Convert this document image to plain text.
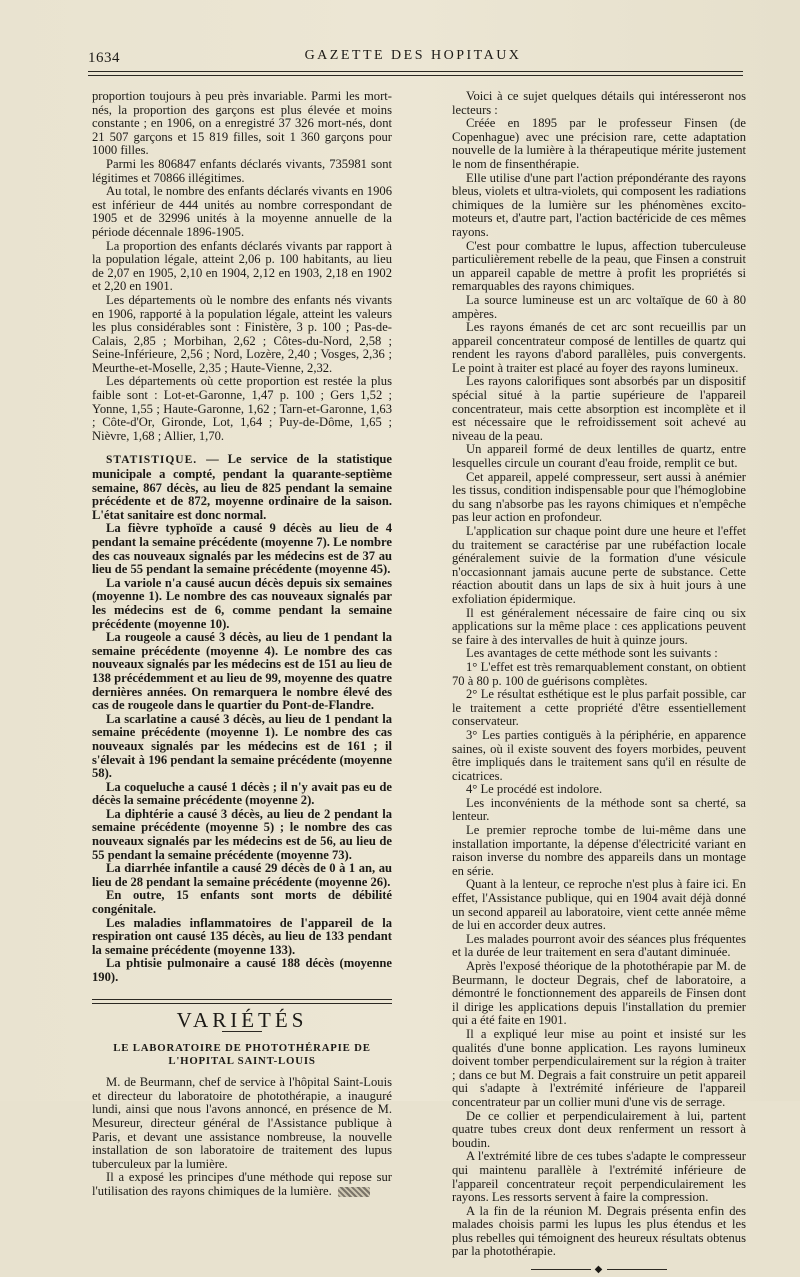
1634	GAZETTE DES HOPITAUX

proportion toujours à peu près invariable. Parmi les mort-nés, la proportion des garçons est plus élevée et moins constante ; en 1906, on a enregistré 37 326 mort-nés, dont 21 507 garçons et 15 819 filles, soit 1 360 garçons pour 1000 filles.

Parmi les 806847 enfants déclarés vivants, 735981 sont légitimes et 70866 illégitimes.

Au total, le nombre des enfants déclarés vivants en 1906 est inférieur de 444 unités au nombre correspondant de 1905 et de 32996 unités à la moyenne annuelle de la période décennale 1896-1905.

La proportion des enfants déclarés vivants par rapport à la population légale, atteint 2,06 p. 100 habitants, au lieu de 2,07 en 1905, 2,10 en 1904, 2,12 en 1903, 2,18 en 1902 et 2,20 en 1901.

Les départements où le nombre des enfants nés vivants en 1906, rapporté à la population légale, atteint les valeurs les plus considérables sont : Finistère, 3 p. 100 ; Pas-de-Calais, 2,85 ; Morbihan, 2,62 ; Côtes-du-Nord, 2,58 ; Seine-Inférieure, 2,56 ; Nord, Lozère, 2,40 ; Vosges, 2,36 ; Meurthe-et-Moselle, 2,35 ; Haute-Vienne, 2,32.

Les départements où cette proportion est restée la plus faible sont : Lot-et-Garonne, 1,47 p. 100 ; Gers 1,52 ; Yonne, 1,55 ; Haute-Garonne, 1,62 ; Tarn-et-Garonne, 1,63 ; Côte-d'Or, Gironde, Lot, 1,64 ; Puy-de-Dôme, 1,65 ; Nièvre, 1,68 ; Allier, 1,70.

STATISTIQUE. — Le service de la statistique municipale a compté, pendant la quarante-septième semaine, 867 décès, au lieu de 825 pendant la semaine précédente et de 872, moyenne ordinaire de la saison. L'état sanitaire est donc normal.

La fièvre typhoïde a causé 9 décès au lieu de 4 pendant la semaine précédente (moyenne 7). Le nombre des cas nouveaux signalés par les médecins est de 37 au lieu de 55 pendant la semaine précédente (moyenne 45).

La variole n'a causé aucun décès depuis six semaines (moyenne 1). Le nombre des cas nouveaux signalés par les médecins est de 6, comme pendant la semaine précédente (moyenne 10).

La rougeole a causé 3 décès, au lieu de 1 pendant la semaine précédente (moyenne 4). Le nombre des cas nouveaux signalés par les médecins est de 151 au lieu de 138 précédemment et au lieu de 99, moyenne des quatre dernières années. On remarquera le nombre élevé des cas de rougeole dans le quartier du Pont-de-Flandre.

La scarlatine a causé 3 décès, au lieu de 1 pendant la semaine précédente (moyenne 1). Le nombre des cas nouveaux signalés par les médecins est de 161 ; il s'élevait à 196 pendant la semaine précédente (moyenne 58).

La coqueluche a causé 1 décès ; il n'y avait pas eu de décès la semaine précédente (moyenne 2).

La diphtérie a causé 3 décès, au lieu de 2 pendant la semaine précédente (moyenne 5) ; le nombre des cas nouveaux signalés par les médecins est de 56, au lieu de 55 pendant la semaine précédente (moyenne 73).

La diarrhée infantile a causé 29 décès de 0 à 1 an, au lieu de 28 pendant la semaine précédente (moyenne 26).

En outre, 15 enfants sont morts de débilité congénitale.

Les maladies inflammatoires de l'appareil de la respiration ont causé 135 décès, au lieu de 133 pendant la semaine précédente (moyenne 133).

La phtisie pulmonaire a causé 188 décès (moyenne 190).

VARIÉTÉS
LE LABORATOIRE DE PHOTOTHÉRAPIE DE L'HOPITAL SAINT-LOUIS

M. de Beurmann, chef de service à l'hôpital Saint-Louis et directeur du laboratoire de photothérapie, a inauguré lundi, ainsi que nous l'avons annoncé, en présence de M. Mesureur, directeur général de l'Assistance publique à Paris, et devant une assistance nombreuse, la nouvelle installation de son laboratoire de traitement des lupus tuberculeux par la lumière.

Il a exposé les principes d'une méthode qui repose sur l'utilisation des rayons chimiques de la lumière.

Voici à ce sujet quelques détails qui intéresseront nos lecteurs :

Créée en 1895 par le professeur Finsen (de Copenhague) avec une précision rare, cette adaptation nouvelle de la lumière à la thérapeutique mérite justement le nom de finsenthérapie.

Elle utilise d'une part l'action prépondérante des rayons bleus, violets et ultra-violets, qui composent les radiations chimiques de la lumière sur les phénomènes excito-moteurs et, d'autre part, l'action bactéricide de ces mêmes rayons.

C'est pour combattre le lupus, affection tuberculeuse particulièrement rebelle de la peau, que Finsen a construit un appareil capable de mettre à profit les propriétés si remarquables des rayons chimiques.

La source lumineuse est un arc voltaïque de 60 à 80 ampères.

Les rayons émanés de cet arc sont recueillis par un appareil concentrateur composé de lentilles de quartz qui rendent les rayons d'abord parallèles, puis convergents. Le point à traiter est placé au foyer des rayons lumineux.

Les rayons calorifiques sont absorbés par un dispositif spécial situé à la partie supérieure de l'appareil concentrateur, mais cette absorption est incomplète et il est nécessaire que le refroidissement soit achevé au niveau de la peau.

Un appareil formé de deux lentilles de quartz, entre lesquelles circule un courant d'eau froide, remplit ce but.

Cet appareil, appelé compresseur, sert aussi à anémier les tissus, condition indispensable pour que l'hémoglobine du sang n'absorbe pas les rayons chimiques et n'empêche pas leur action en profondeur.

L'application sur chaque point dure une heure et l'effet du traitement se caractérise par une rubéfaction locale généralement suivie de la formation d'une vésicule n'occasionnant jamais aucune perte de substance. Cette réaction aboutit dans un laps de six à huit jours à une exfoliation épidermique.

Il est généralement nécessaire de faire cinq ou six applications sur la même place : ces applications peuvent se faire à des intervalles de huit à quinze jours.

Les avantages de cette méthode sont les suivants :

1° L'effet est très remarquablement constant, on obtient 70 à 80 p. 100 de guérisons complètes.

2° Le résultat esthétique est le plus parfait possible, car le traitement a cette propriété d'être essentiellement conservateur.

3° Les parties contiguës à la périphérie, en apparence saines, où il existe souvent des foyers morbides, peuvent être impliqués dans le traitement sans qu'il en résulte de cicatrices.

4° Le procédé est indolore.

Les inconvénients de la méthode sont sa cherté, sa lenteur.

Le premier reproche tombe de lui-même dans une installation importante, la dépense d'électricité variant en raison inverse du nombre des appareils dans un montage en série.

Quant à la lenteur, ce reproche n'est plus à faire ici. En effet, l'Assistance publique, qui en 1904 avait déjà donné un second appareil au laboratoire, vient cette année même de lui en accorder deux autres.

Les malades pourront avoir des séances plus fréquentes et la durée de leur traitement en sera d'autant diminuée.

Après l'exposé théorique de la photothérapie par M. de Beurmann, le docteur Degrais, chef de laboratoire, a démontré le fonctionnement des appareils de Finsen dont il dirige les applications depuis l'installation du premier qui a été faite en 1901.

Il a expliqué leur mise au point et insisté sur les qualités d'une bonne application. Les rayons lumineux doivent tomber perpendiculairement sur la région à traiter ; dans ce but M. Degrais a fait construire un petit appareil qui s'adapte à l'extrémité inférieure de l'appareil concentrateur par un collier muni d'une vis de serrage.

De ce collier et perpendiculairement à lui, partent quatre tubes creux dont deux renferment un ressort à boudin.

A l'extrémité libre de ces tubes s'adapte le compresseur qui maintenu parallèle à l'extrémité inférieure de l'appareil concentrateur reçoit perpendiculairement les rayons. Les ressorts servent à faire la compression.

A la fin de la réunion M. Degrais présenta enfin des malades choisis parmi les lupus les plus étendus et les plus rebelles qui témoignent des heureux résultats obtenus par la photothérapie.

◆
